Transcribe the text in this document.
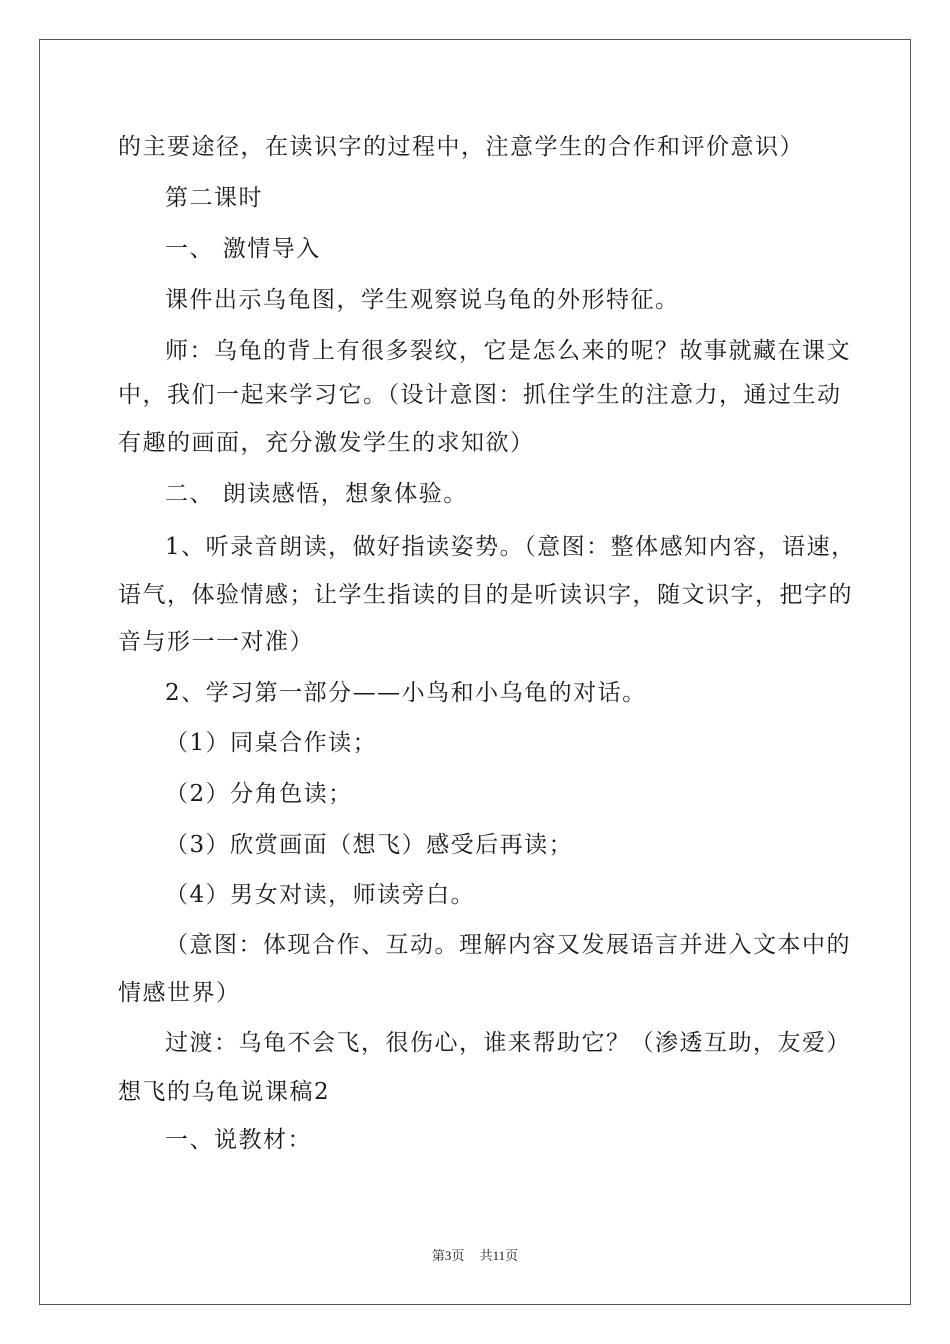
的主要途径，在读识字的过程中，注意学生的合作和评价意识）
第二课时
一、 激情导入
课件出示乌龟图，学生观察说乌龟的外形特征。
师：乌龟的背上有很多裂纹，它是怎么来的呢？故事就藏在课文
中，我们一起来学习它。（设计意图：抓住学生的注意力，通过生动
有趣的画面，充分激发学生的求知欲）
二、 朗读感悟，想象体验。
1、听录音朗读，做好指读姿势。（意图：整体感知内容，语速，
语气，体验情感；让学生指读的目的是听读识字，随文识字，把字的
音与形一一对准）
2、学习第一部分——小鸟和小乌龟的对话。
（1）同桌合作读；
（2）分角色读；
（3）欣赏画面（想飞）感受后再读；
（4）男女对读，师读旁白。
（意图：体现合作、互动。理解内容又发展语言并进入文本中的
情感世界）
过渡：乌龟不会飞，很伤心，谁来帮助它？（渗透互助，友爱）
想飞的乌龟说课稿2
一、说教材：
第3页 共11页
